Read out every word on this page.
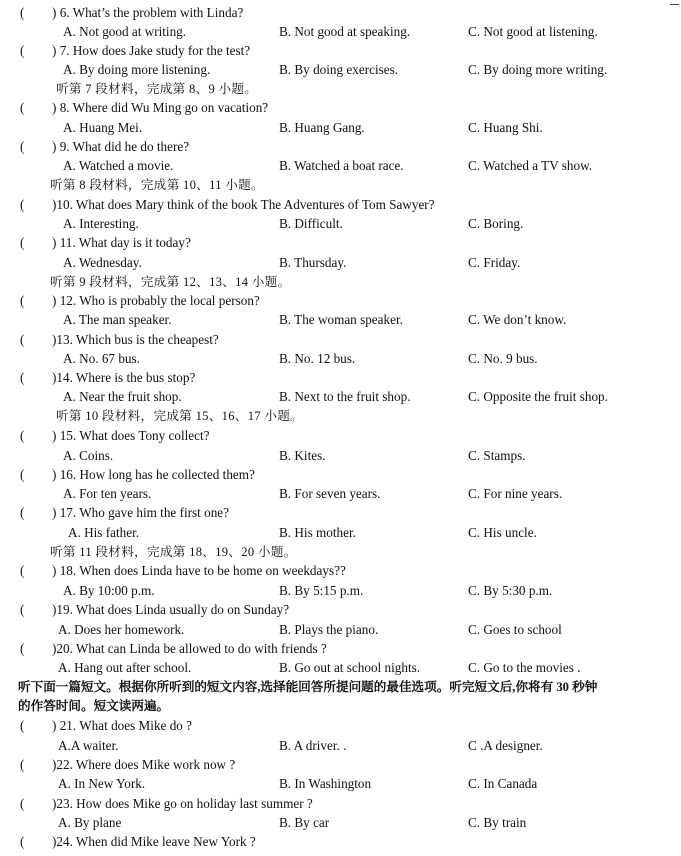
( ) 6. What’s the problem with Linda?
A. Not good at writing.	B. Not good at speaking.	C. Not good at listening.
( ) 7. How does Jake study for the test?
A. By doing more listening.	B. By doing exercises.	C. By doing more writing.
听第 7 段材料，完成第 8、9 小题。
( ) 8. Where did Wu Ming go on vacation?
A. Huang Mei.	B. Huang Gang.	C. Huang Shi.
( ) 9. What did he do there?
A. Watched a movie.	B. Watched a boat race.	C. Watched a TV show.
听第 8 段材料，完成第 10、11 小题。
( )10. What does Mary think of the book The Adventures of Tom Sawyer?
A. Interesting.	B. Difficult.	C. Boring.
( ) 11. What day is it today?
A. Wednesday.	B. Thursday.	C. Friday.
听第 9 段材料，完成第 12、13、14 小题。
( ) 12. Who is probably the local person?
A. The man speaker.	B. The woman speaker.	C. We don’t know.
( )13. Which bus is the cheapest?
A. No. 67 bus.	B. No. 12 bus.	C. No. 9 bus.
( )14. Where is the bus stop?
A. Near the fruit shop.	B. Next to the fruit shop.	C. Opposite the fruit shop.
听第 10 段材料，完成第 15、16、17 小题。
( ) 15. What does Tony collect?
A. Coins.	B. Kites.	C. Stamps.
( ) 16. How long has he collected them?
A. For ten years.	B. For seven years.	C. For nine years.
( ) 17. Who gave him the first one?
A. His father.	B. His mother.	C. His uncle.
听第 11 段材料，完成第 18、19、20 小题。
( ) 18. When does Linda have to be home on weekdays??
A. By 10:00 p.m.	B. By 5:15 p.m.	C. By 5:30 p.m.
( )19. What does Linda usually do on Sunday?
A. Does her homework.	B. Plays the piano.	C. Goes to school
( )20. What can Linda be allowed to do with friends ?
A. Hang out after school.	B. Go out at school nights.	C. Go to the movies .
听下面一篇短文。根据你所听到的短文内容,选择能回答所提问题的最佳选项。听完短文后,你将有 30 秒钟
的作答时间。短文读两遍。
( ) 21. What does Mike do ?
A.A waiter.	B. A driver. .	C .A designer.
( )22. Where does Mike work now ?
A. In New York.	B. In Washington	C. In Canada
( )23. How does Mike go on holiday last summer ?
A. By plane	B. By car	C. By train
( )24. When did Mike leave New York ?
